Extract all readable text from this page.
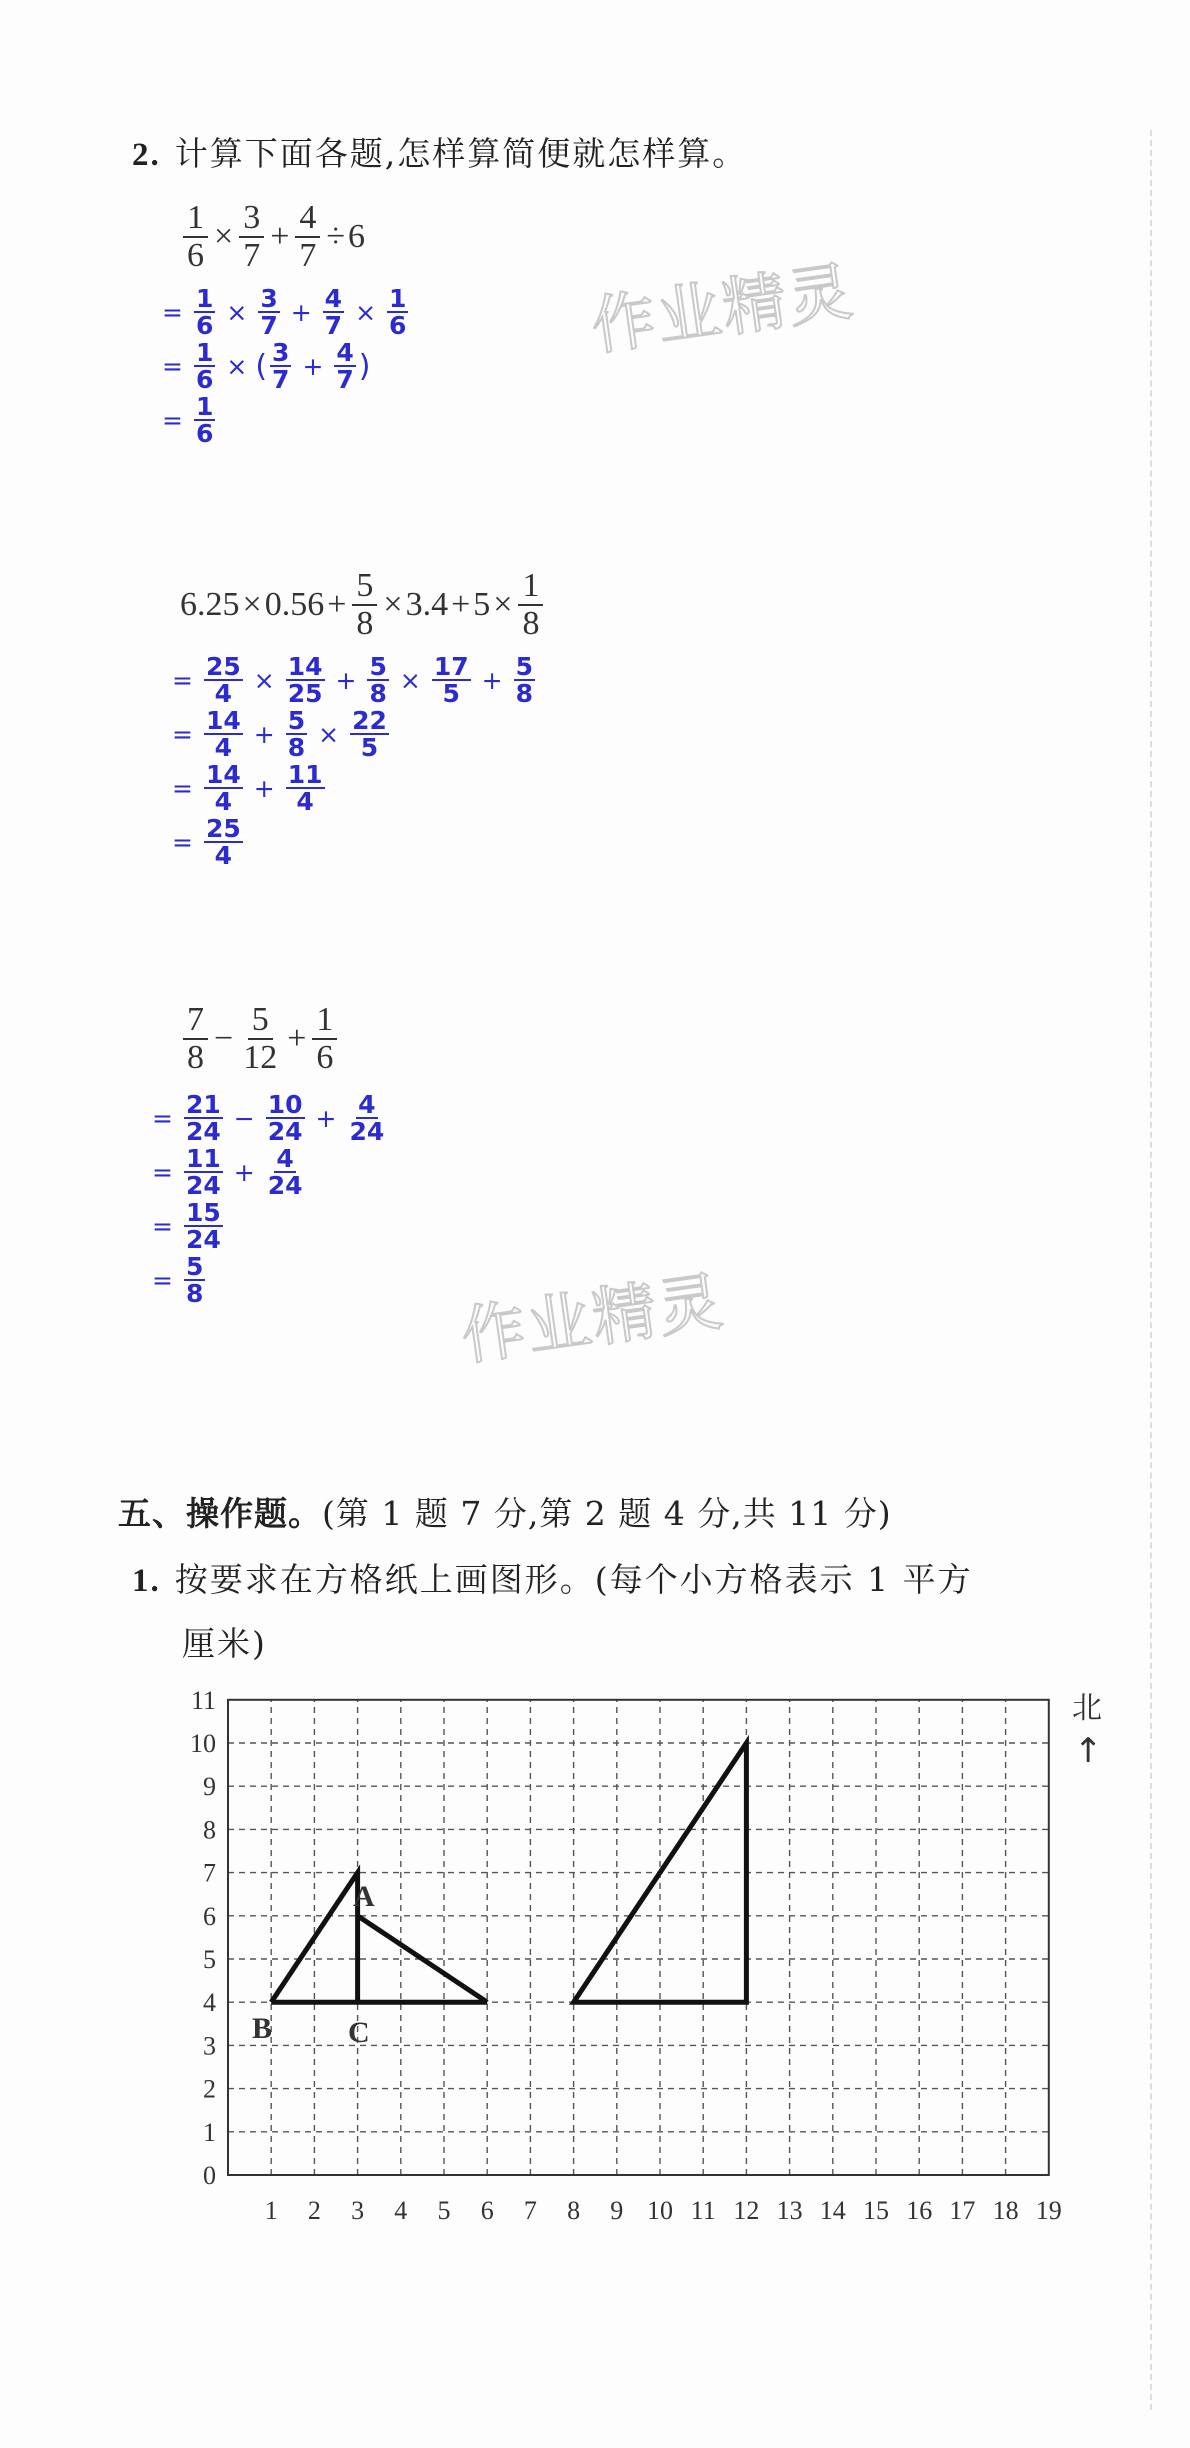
2. 计算下面各题,怎样算简便就怎样算。
$\frac{1}{6} \times \frac{3}{7} + \frac{4}{7} \div 6$
= $\frac{1}{6} \times \frac{3}{7} + \frac{4}{7} \times \frac{1}{6}$
= $\frac{1}{6}$ × ( $\frac{3}{7} + \frac{4}{7}$ )
= $\frac{1}{6}$
作业精灵
$6.25 \times 0.56 + \frac{5}{8} \times 3.4 + 5 \times \frac{1}{8}$
= $\frac{25}{4} \times \frac{14}{25} + \frac{5}{8} \times \frac{17}{5} + \frac{5}{8}$
= $\frac{14}{4} + \frac{5}{8} \times \frac{22}{5}$
= $\frac{14}{4} + \frac{11}{4}$
= $\frac{25}{4}$
$\frac{7}{8} - \frac{5}{12} + \frac{1}{6}$
= $\frac{21}{24} - \frac{10}{24} + \frac{4}{24}$
= $\frac{11}{24} + \frac{4}{24}$
= $\frac{15}{24}$
= $\frac{5}{8}$	作业精灵
五、操作题。(第 1 题 7 分,第 2 题 4 分,共 11 分)
1. 按要求在方格纸上画图形。(每个小方格表示 1 平方
厘米)
1 2 3 4 5 6 7 8 9 10 11 12 13 14 15 16 17 18 19
0
1
2
3
4
5
6
7
8
9
10
11
A
B	C
北
↑
